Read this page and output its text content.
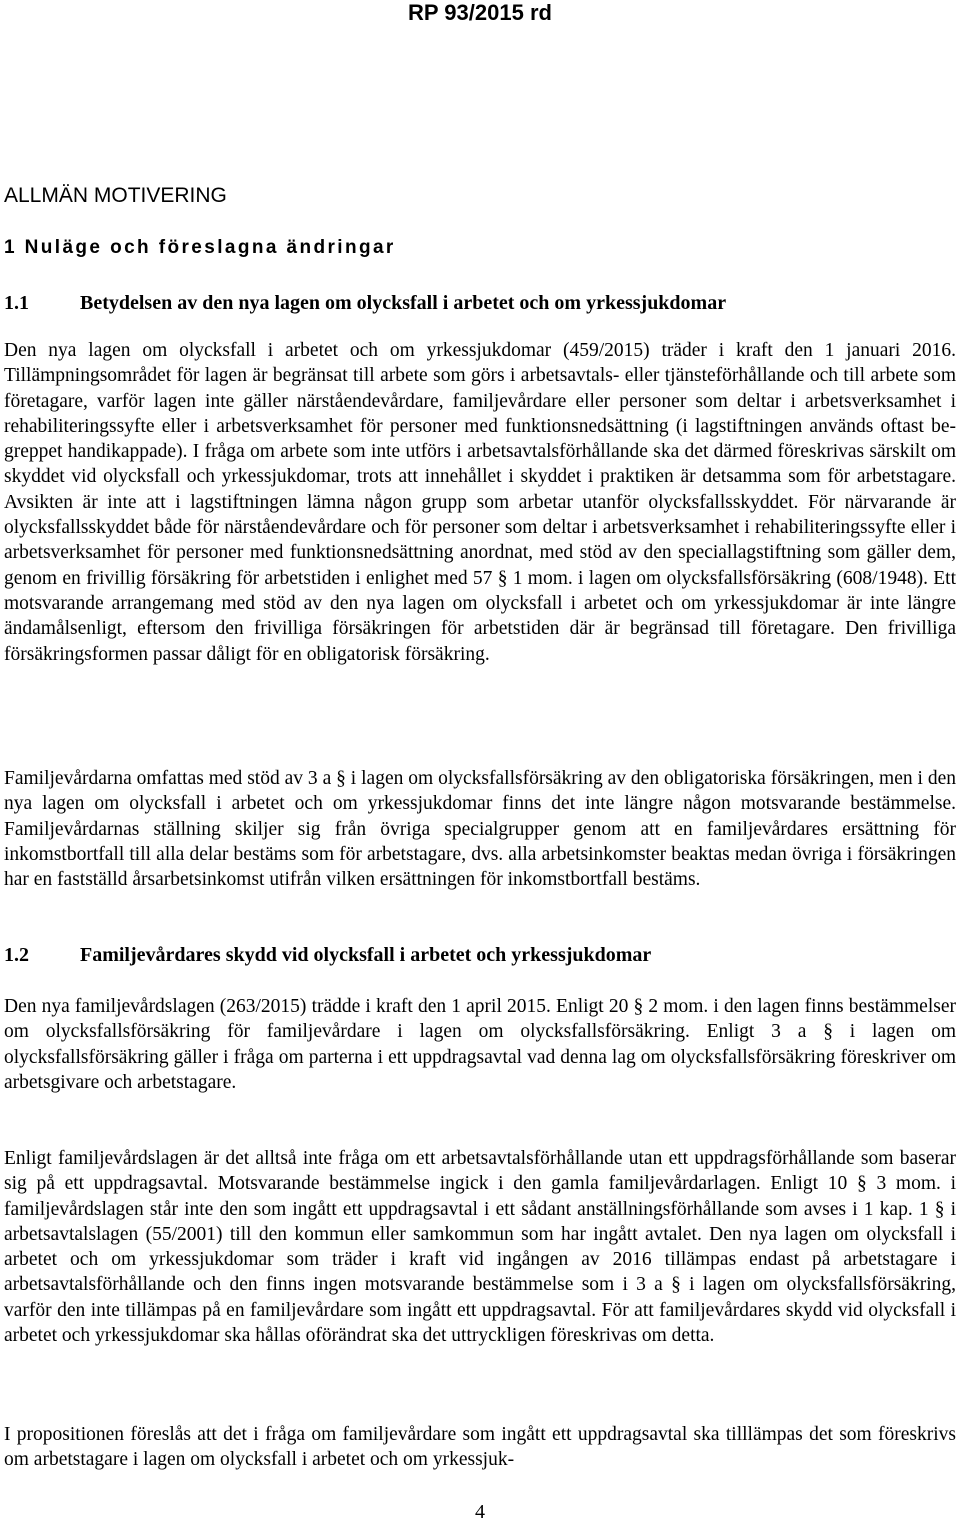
RP 93/2015 rd
ALLMÄN MOTIVERING
1 Nuläge och föreslagna ändringar
1.1	Betydelsen av den nya lagen om olycksfall i arbetet och om yrkessjukdomar
Den nya lagen om olycksfall i arbetet och om yrkessjukdomar (459/2015) träder i kraft den 1 januari 2016. Tillämpningsområdet för lagen är begränsat till arbete som görs i arbetsavtals- eller tjänsteförhållande och till arbete som företagare, varför lagen inte gäller närståendevårdare, familjevårdare eller personer som deltar i arbetsverksamhet i rehabiliteringssyfte eller i arbetsverksamhet för personer med funktionsnedsättning (i lagstiftningen används oftast begreppet handikappade). I fråga om arbete som inte utförs i arbetsavtalsförhållande ska det därmed föreskrivas särskilt om skyddet vid olycksfall och yrkessjukdomar, trots att innehållet i skyddet i praktiken är detsamma som för arbetstagare. Avsikten är inte att i lagstiftningen lämna någon grupp som arbetar utanför olycksfallsskyddet. För närvarande är olycksfallsskyddet både för närståendevårdare och för personer som deltar i arbetsverksamhet i rehabiliteringssyfte eller i arbetsverksamhet för personer med funktionsnedsättning anordnat, med stöd av den speciallagstiftning som gäller dem, genom en frivillig försäkring för arbetstiden i enlighet med 57 § 1 mom. i lagen om olycksfallsförsäkring (608/1948). Ett motsvarande arrangemang med stöd av den nya lagen om olycksfall i arbetet och om yrkessjukdomar är inte längre ändamålsenligt, eftersom den frivilliga försäkringen för arbetstiden där är begränsad till företagare. Den frivilliga försäkringsformen passar dåligt för en obligatorisk försäkring.
Familjevårdarna omfattas med stöd av 3 a § i lagen om olycksfallsförsäkring av den obligatoriska försäkringen, men i den nya lagen om olycksfall i arbetet och om yrkessjukdomar finns det inte längre någon motsvarande bestämmelse. Familjevårdarnas ställning skiljer sig från övriga specialgrupper genom att en familjevårdares ersättning för inkomstbortfall till alla delar bestäms som för arbetstagare, dvs. alla arbetsinkomster beaktas medan övriga i försäkringen har en fastställd årsarbetsinkomst utifrån vilken ersättningen för inkomstbortfall bestäms.
1.2	Familjevårdares skydd vid olycksfall i arbetet och yrkessjukdomar
Den nya familjevårdslagen (263/2015) trädde i kraft den 1 april 2015. Enligt 20 § 2 mom. i den lagen finns bestämmelser om olycksfallsförsäkring för familjevårdare i lagen om olycksfallsförsäkring. Enligt 3 a § i lagen om olycksfallsförsäkring gäller i fråga om parterna i ett uppdragsavtal vad denna lag om olycksfallsförsäkring föreskriver om arbetsgivare och arbetstagare.
Enligt familjevårdslagen är det alltså inte fråga om ett arbetsavtalsförhållande utan ett uppdragsförhållande som baserar sig på ett uppdragsavtal. Motsvarande bestämmelse ingick i den gamla familjevårdarlagen. Enligt 10 § 3 mom. i familjevårdslagen står inte den som ingått ett uppdragsavtal i ett sådant anställningsförhållande som avses i 1 kap. 1 § i arbetsavtalslagen (55/2001) till den kommun eller samkommun som har ingått avtalet. Den nya lagen om olycksfall i arbetet och om yrkessjukdomar som träder i kraft vid ingången av 2016 tillämpas endast på arbetstagare i arbetsavtalsförhållande och den finns ingen motsvarande bestämmelse som i 3 a § i lagen om olycksfallsförsäkring, varför den inte tillämpas på en familjevårdare som ingått ett uppdragsavtal. För att familjevårdares skydd vid olycksfall i arbetet och yrkessjukdomar ska hållas oförändrat ska det uttryckligen föreskrivas om detta.
I propositionen föreslås att det i fråga om familjevårdare som ingått ett uppdragsavtal ska tilllämpas det som föreskrivs om arbetstagare i lagen om olycksfall i arbetet och om yrkessjuk-
4
